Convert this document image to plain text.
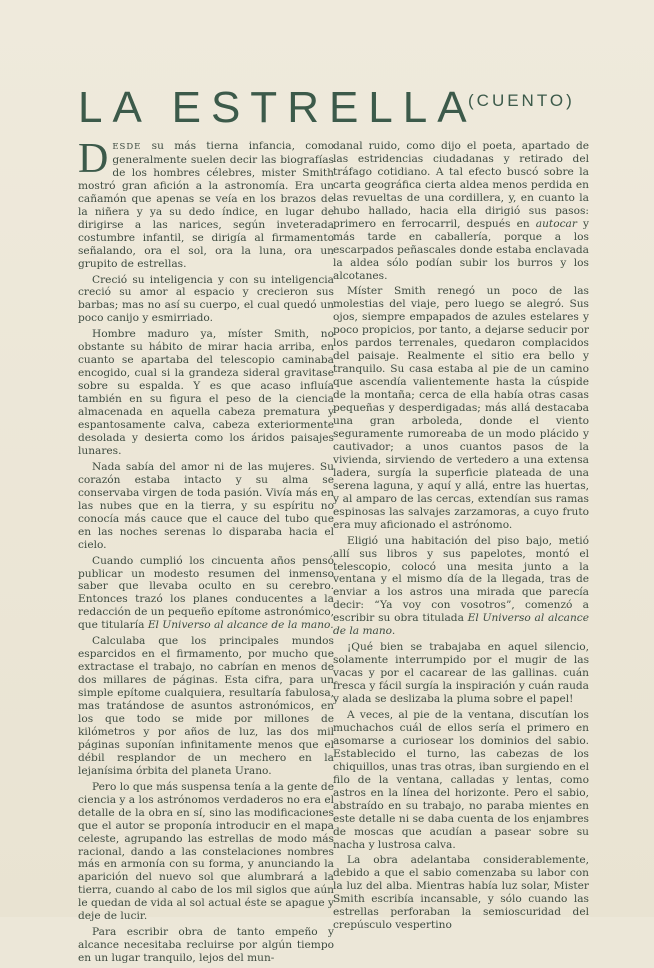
LA ESTRELLA
(CUENTO)

DESDE su más tierna infancia, como generalmente suelen decir las biografías de los hombres célebres, mister Smith mostró gran afición a la astronomía. Era un cañamón que apenas se veía en los brazos de la niñera y ya su dedo índice, en lugar de dirigirse a las narices, según inveterada costumbre infantil, se dirigía al firmamento señalando, ora el sol, ora la luna, ora un grupito de estrellas.

Creció su inteligencia y con su inteligencia creció su amor al espacio y crecieron sus barbas; mas no así su cuerpo, el cual quedó un poco canijo y esmirriado.

Hombre maduro ya, míster Smith, no obstante su hábito de mirar hacia arriba, en cuanto se apartaba del telescopio caminaba encogido, cual si la grandeza sideral gravitase sobre su espalda. Y es que acaso influía también en su figura el peso de la ciencia almacenada en aquella cabeza prematura y espantosamente calva, cabeza exteriormente desolada y desierta como los áridos paisajes lunares.

Nada sabía del amor ni de las mujeres. Su corazón estaba intacto y su alma se conservaba virgen de toda pasión. Vivía más en las nubes que en la tierra, y su espíritu no conocía más cauce que el cauce del tubo que en las noches serenas lo disparaba hacia el cielo.

Cuando cumplió los cincuenta años pensó publicar un modesto resumen del inmenso saber que llevaba oculto en su cerebro. Entonces trazó los planes conducentes a la redacción de un pequeño epítome astronómico, que titularía El Universo al alcance de la mano.

Calculaba que los principales mundos esparcidos en el firmamento, por mucho que extractase el trabajo, no cabrían en menos de dos millares de páginas. Esta cifra, para un simple epítome cualquiera, resultaría fabulosa, mas tratándose de asuntos astronómicos, en los que todo se mide por millones de kilómetros y por años de luz, las dos mil páginas suponían infinitamente menos que el débil resplandor de un mechero en la lejanísima órbita del planeta Urano.

Pero lo que más suspensa tenía a la gente de ciencia y a los astrónomos verdaderos no era el detalle de la obra en sí, sino las modificaciones que el autor se proponía introducir en el mapa celeste, agrupando las estrellas de modo más racional, dando a las constelaciones nombres más en armonía con su forma, y anunciando la aparición del nuevo sol que alumbrará a la tierra, cuando al cabo de los mil siglos que aún le quedan de vida al sol actual éste se apague y deje de lucir.

Para escribir obra de tanto empeño y alcance necesitaba recluirse por algún tiempo en un lugar tranquilo, lejos del mun-

danal ruido, como dijo el poeta, apartado de las estridencias ciudadanas y retirado del tráfago cotidiano. A tal efecto buscó sobre la carta geográfica cierta aldea menos perdida en las revueltas de una cordillera, y, en cuanto la hubo hallado, hacia ella dirigió sus pasos: primero en ferrocarril, después en autocar y más tarde en caballería, porque a los escarpados peñascales donde estaba enclavada la aldea sólo podían subir los burros y los alcotanes.

Míster Smith renegó un poco de las molestias del viaje, pero luego se alegró. Sus ojos, siempre empapados de azules estelares y poco propicios, por tanto, a dejarse seducir por los pardos terrenales, quedaron complacidos del paisaje. Realmente el sitio era bello y tranquilo. Su casa estaba al pie de un camino que ascendía valientemente hasta la cúspide de la montaña; cerca de ella había otras casas pequeñas y desperdigadas; más allá destacaba una gran arboleda, donde el viento seguramente rumoreaba de un modo plácido y cautivador; a unos cuantos pasos de la vivienda, sirviendo de vertedero a una extensa ladera, surgía la superficie plateada de una serena laguna, y aquí y allá, entre las huertas, y al amparo de las cercas, extendían sus ramas espinosas las salvajes zarzamoras, a cuyo fruto era muy aficionado el astrónomo.

Eligió una habitación del piso bajo, metió allí sus libros y sus papelotes, montó el telescopio, colocó una mesita junto a la ventana y el mismo día de la llegada, tras de enviar a los astros una mirada que parecía decir: “Ya voy con vosotros”, comenzó a escribir su obra titulada El Universo al alcance de la mano.

¡Qué bien se trabajaba en aquel silencio, solamente interrumpido por el mugir de las vacas y por el cacarear de las gallinas. cuán fresca y fácil surgía la inspiración y cuán rauda y alada se deslizaba la pluma sobre el papel!

A veces, al pie de la ventana, discutían los muchachos cuál de ellos sería el primero en asomarse a curiosear los dominios del sabio. Establecido el turno, las cabezas de los chiquillos, unas tras otras, iban surgiendo en el filo de la ventana, calladas y lentas, como astros en la línea del horizonte. Pero el sabio, abstraído en su trabajo, no paraba mientes en este detalle ni se daba cuenta de los enjambres de moscas que acudían a pasear sobre su nacha y lustrosa calva.

La obra adelantaba considerablemente, debido a que el sabio comenzaba su labor con la luz del alba. Mientras había luz solar, Mister Smith escribía incansable, y sólo cuando las estrellas perforaban la semioscuridad del crepúsculo vespertino
